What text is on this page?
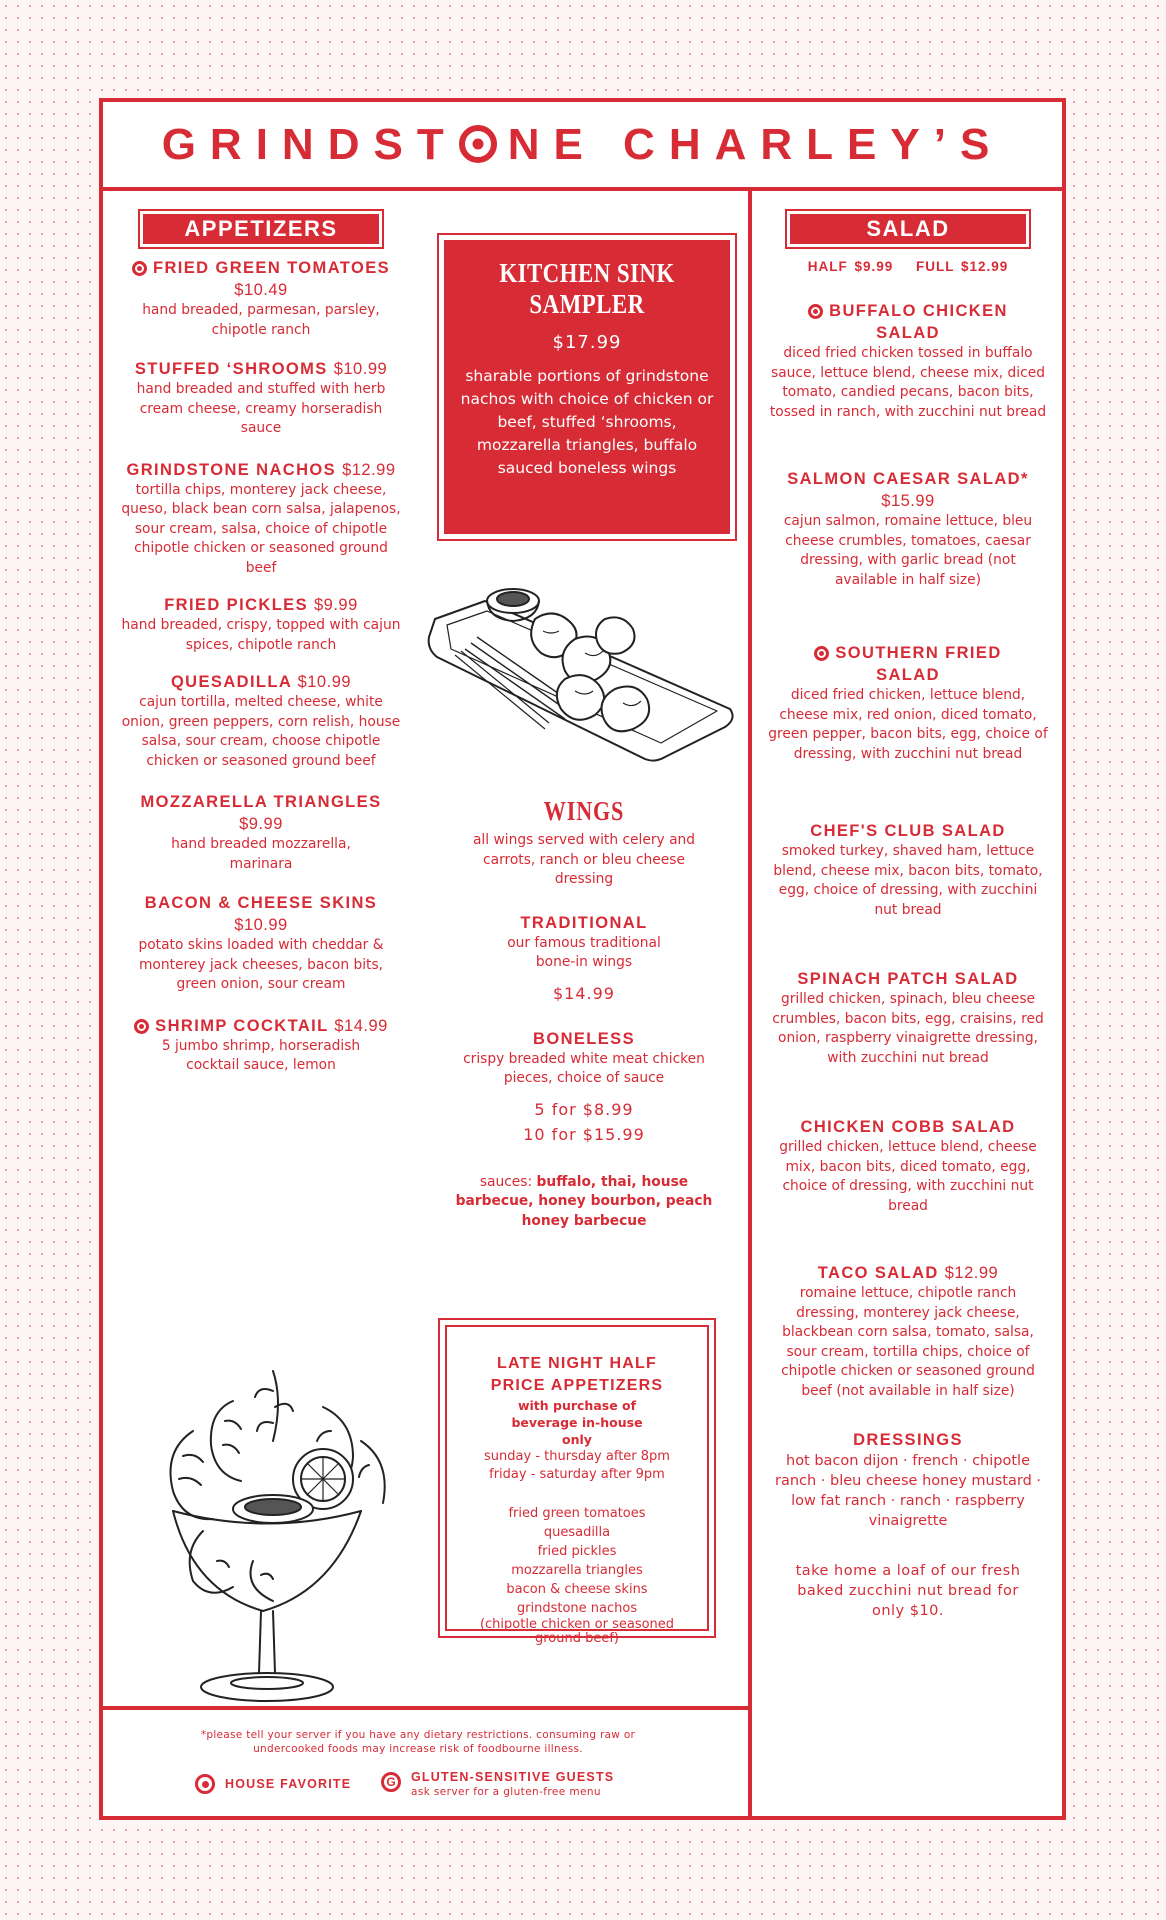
GRINDST NE CHARLEY’S
APPETIZERS
FRIED GREEN TOMATOES $10.49
hand breaded, parmesan, parsley, chipotle ranch
STUFFED ‘SHROOMS $10.99
hand breaded and stuffed with herb cream cheese, creamy horseradish sauce
GRINDSTONE NACHOS $12.99
tortilla chips, monterey jack cheese, queso, black bean corn salsa, jalapenos, sour cream, salsa, choice of chipotle chipotle chicken or seasoned ground beef
FRIED PICKLES $9.99
hand breaded, crispy, topped with cajun spices, chipotle ranch
QUESADILLA $10.99
cajun tortilla, melted cheese, white onion, green peppers, corn relish, house salsa, sour cream, choose chipotle chicken or seasoned ground beef
MOZZARELLA TRIANGLES $9.99
hand breaded mozzarella, marinara
BACON & CHEESE SKINS $10.99
potato skins loaded with cheddar & monterey jack cheeses, bacon bits, green onion, sour cream
SHRIMP COCKTAIL $14.99
5 jumbo shrimp, horseradish cocktail sauce, lemon
KITCHEN SINK SAMPLER
$17.99
sharable portions of grindstone nachos with choice of chicken or beef, stuffed ‘shrooms, mozzarella triangles, buffalo sauced boneless wings
WINGS
all wings served with celery and carrots, ranch or bleu cheese dressing
TRADITIONAL
our famous traditional bone-in wings
$14.99
BONELESS
crispy breaded white meat chicken pieces, choice of sauce
5 for $8.99
10 for $15.99
sauces: buffalo, thai, house barbecue, honey bourbon, peach honey barbecue
LATE NIGHT HALF PRICE APPETIZERS
with purchase of beverage in-house only
sunday - thursday after 8pm
friday - saturday after 9pm
fried green tomatoes
quesadilla
fried pickles
mozzarella triangles
bacon & cheese skins
grindstone nachos
(chipotle chicken or seasoned ground beef)
SALAD
HALF $9.99 FULL $12.99
BUFFALO CHICKEN SALAD
diced fried chicken tossed in buffalo sauce, lettuce blend, cheese mix, diced tomato, candied pecans, bacon bits, tossed in ranch, with zucchini nut bread
SALMON CAESAR SALAD* $15.99
cajun salmon, romaine lettuce, bleu cheese crumbles, tomatoes, caesar dressing, with garlic bread (not available in half size)
SOUTHERN FRIED SALAD
diced fried chicken, lettuce blend, cheese mix, red onion, diced tomato, green pepper, bacon bits, egg, choice of dressing, with zucchini nut bread
CHEF'S CLUB SALAD
smoked turkey, shaved ham, lettuce blend, cheese mix, bacon bits, tomato, egg, choice of dressing, with zucchini nut bread
SPINACH PATCH SALAD
grilled chicken, spinach, bleu cheese crumbles, bacon bits, egg, craisins, red onion, raspberry vinaigrette dressing, with zucchini nut bread
CHICKEN COBB SALAD
grilled chicken, lettuce blend, cheese mix, bacon bits, diced tomato, egg, choice of dressing, with zucchini nut bread
TACO SALAD $12.99
romaine lettuce, chipotle ranch dressing, monterey jack cheese, blackbean corn salsa, tomato, salsa, sour cream, tortilla chips, choice of chipotle chicken or seasoned ground beef (not available in half size)
DRESSINGS
hot bacon dijon · french · chipotle ranch · bleu cheese honey mustard · low fat ranch · ranch · raspberry vinaigrette
take home a loaf of our fresh baked zucchini nut bread for only $10.
*please tell your server if you have any dietary restrictions. consuming raw or undercooked foods may increase risk of foodbourne illness.
HOUSE FAVORITE	G	GLUTEN-SENSITIVE GUESTS
ask server for a gluten-free menu
